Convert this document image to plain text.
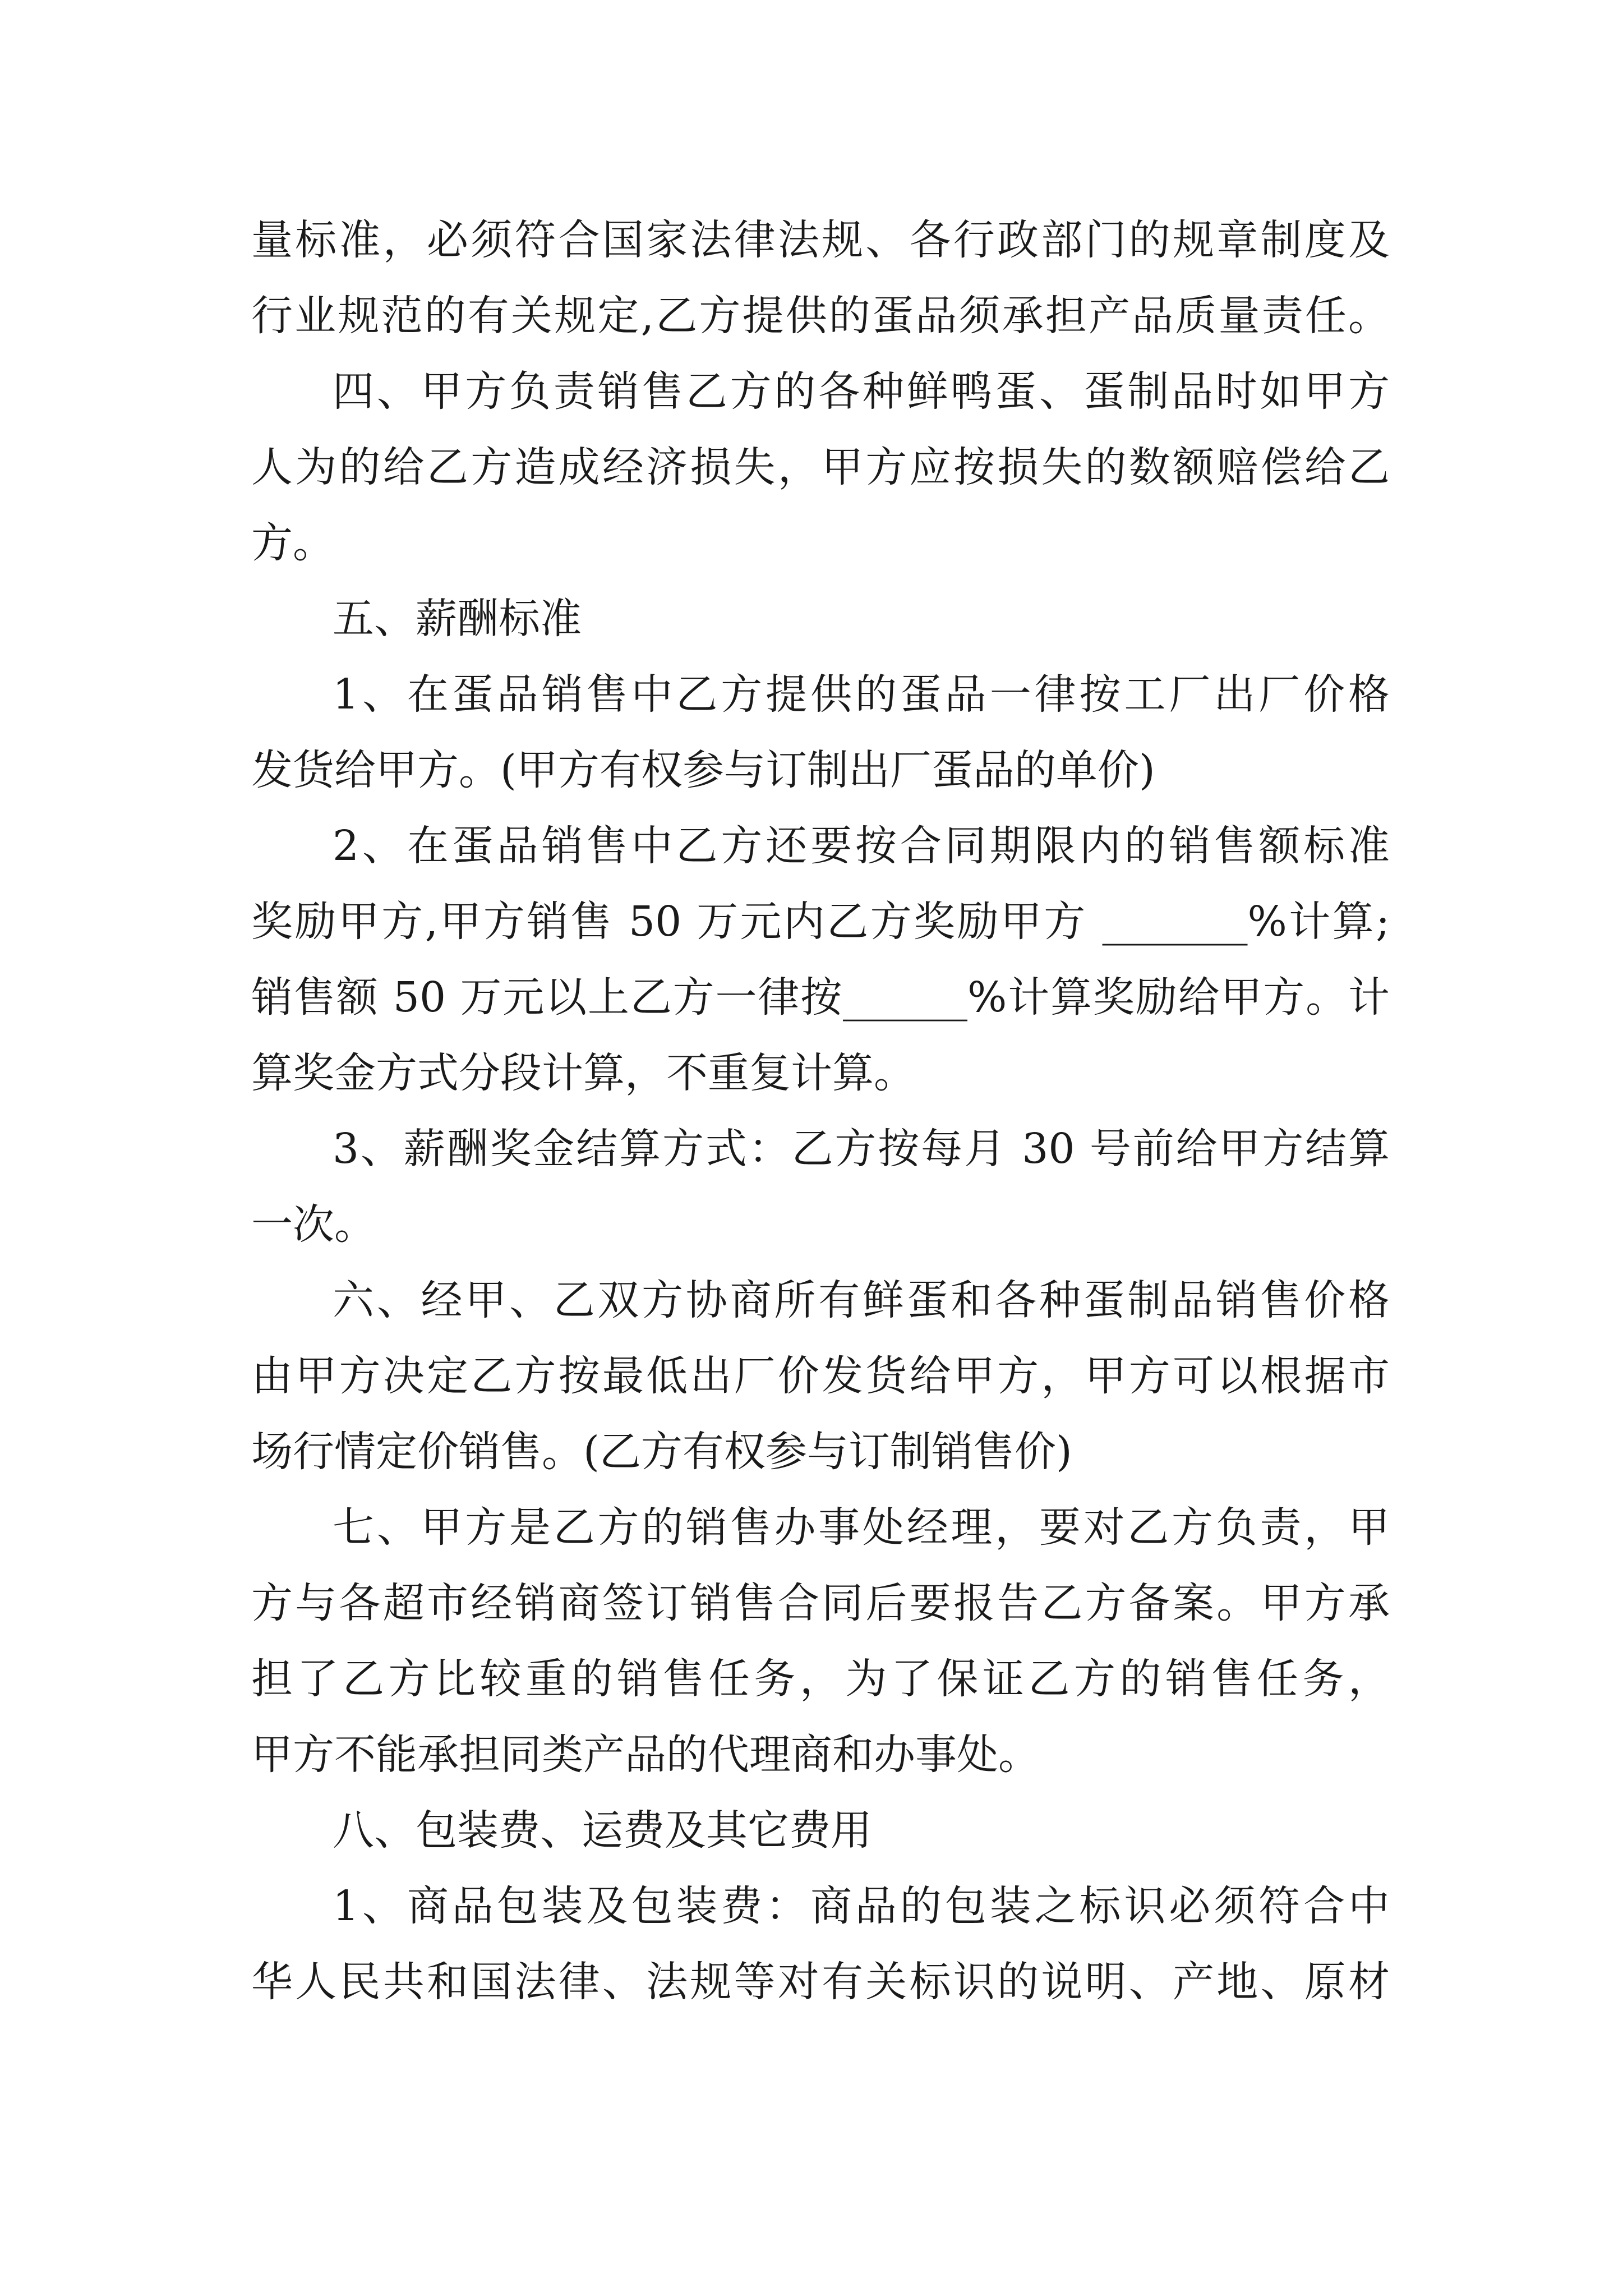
量标准，必须符合国家法律法规、各行政部门的规章制度及
行业规范的有关规定,乙方提供的蛋品须承担产品质量责任。
四、甲方负责销售乙方的各种鲜鸭蛋、蛋制品时如甲方
人为的给乙方造成经济损失，甲方应按损失的数额赔偿给乙
方。
五、薪酬标准
1、在蛋品销售中乙方提供的蛋品一律按工厂出厂价格
发货给甲方。(甲方有权参与订制出厂蛋品的单价)
2、在蛋品销售中乙方还要按合同期限内的销售额标准
奖励甲方,甲方销售 50 万元内乙方奖励甲方 _______%计算;
销售额 50 万元以上乙方一律按______%计算奖励给甲方。计
算奖金方式分段计算，不重复计算。
3、薪酬奖金结算方式：乙方按每月 30 号前给甲方结算
一次。
六、经甲、乙双方协商所有鲜蛋和各种蛋制品销售价格
由甲方决定乙方按最低出厂价发货给甲方，甲方可以根据市
场行情定价销售。(乙方有权参与订制销售价)
七、甲方是乙方的销售办事处经理，要对乙方负责，甲
方与各超市经销商签订销售合同后要报告乙方备案。甲方承
担了乙方比较重的销售任务，为了保证乙方的销售任务，
甲方不能承担同类产品的代理商和办事处。
八、包装费、运费及其它费用
1、商品包装及包装费：商品的包装之标识必须符合中
华人民共和国法律、法规等对有关标识的说明、产地、原材
